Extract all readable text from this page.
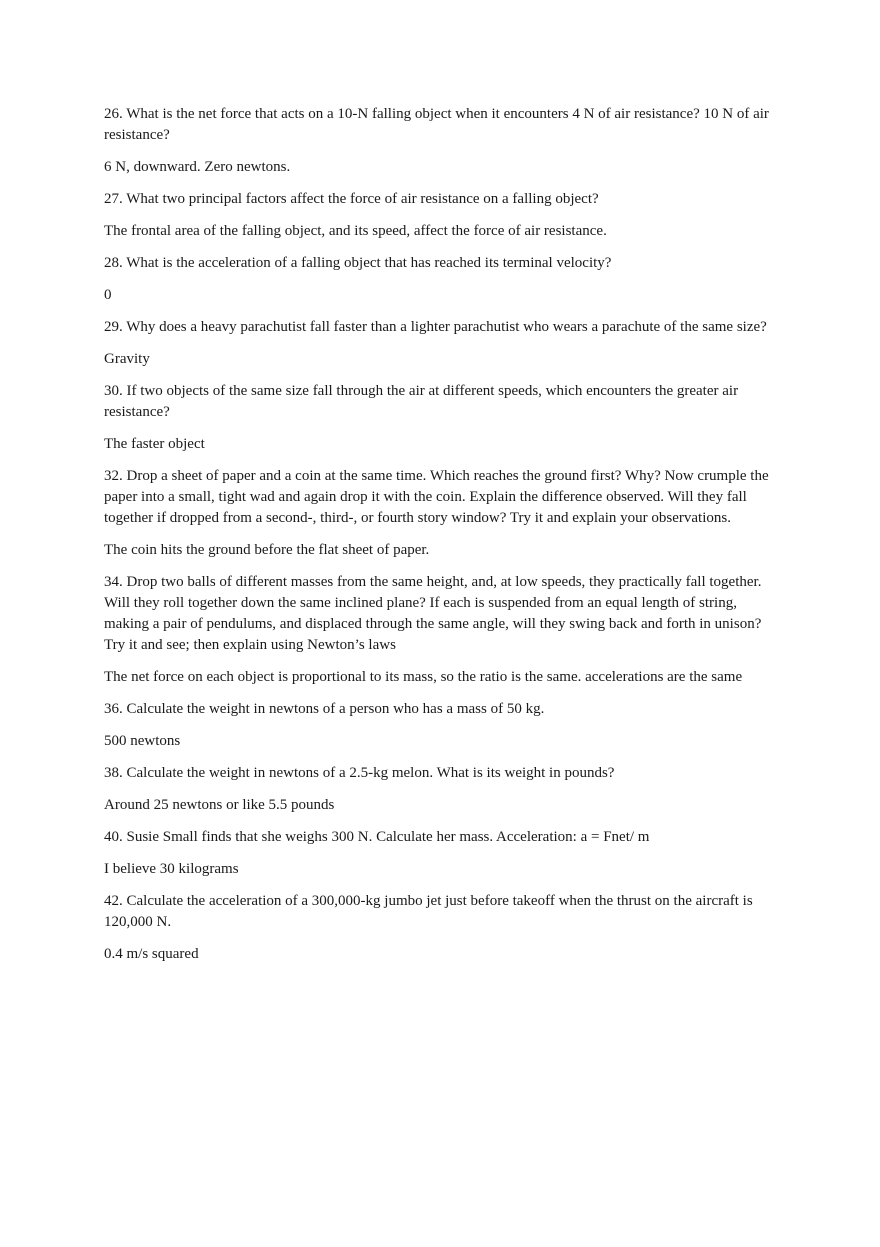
26. What is the net force that acts on a 10-N falling object when it encounters 4 N of air resistance? 10 N of air resistance?

6 N, downward. Zero newtons.

27. What two principal factors affect the force of air resistance on a falling object?

The frontal area of the falling object, and its speed, affect the force of air resistance.

28. What is the acceleration of a falling object that has reached its terminal velocity?

0

29. Why does a heavy parachutist fall faster than a lighter parachutist who wears a parachute of the same size?

Gravity

30. If two objects of the same size fall through the air at different speeds, which encounters the greater air resistance?

The faster object

32. Drop a sheet of paper and a coin at the same time. Which reaches the ground first? Why? Now crumple the paper into a small, tight wad and again drop it with the coin. Explain the difference observed. Will they fall together if dropped from a second-, third-, or fourth story window? Try it and explain your observations.

The coin hits the ground before the flat sheet of paper.

34. Drop two balls of different masses from the same height, and, at low speeds, they practically fall together. Will they roll together down the same inclined plane? If each is suspended from an equal length of string, making a pair of pendulums, and displaced through the same angle, will they swing back and forth in unison? Try it and see; then explain using Newton’s laws

The net force on each object is proportional to its mass, so the ratio is the same. accelerations are the same

36. Calculate the weight in newtons of a person who has a mass of 50 kg.

500 newtons

38. Calculate the weight in newtons of a 2.5-kg melon. What is its weight in pounds?

Around 25 newtons or like 5.5 pounds

40. Susie Small finds that she weighs 300 N. Calculate her mass. Acceleration: a = Fnet/ m

I believe 30 kilograms

42. Calculate the acceleration of a 300,000-kg jumbo jet just before takeoff when the thrust on the aircraft is 120,000 N.

0.4 m/s squared
